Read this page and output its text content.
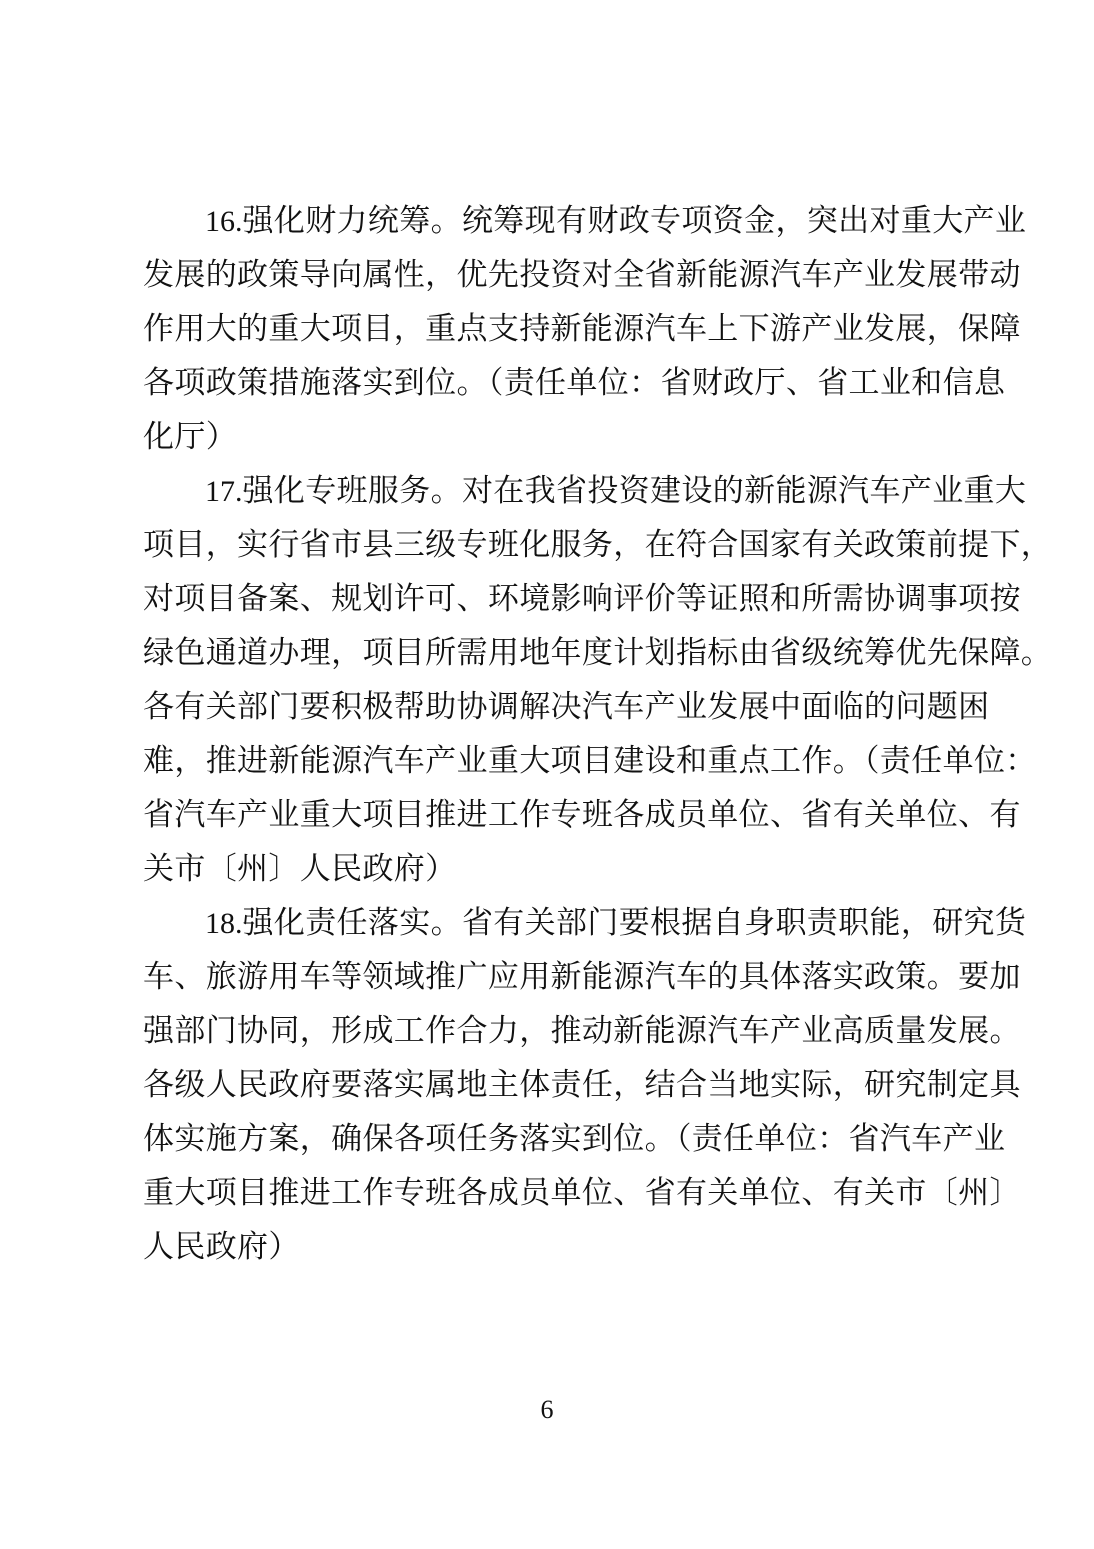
16.强化财力统筹。统筹现有财政专项资金，突出对重大产业
发展的政策导向属性，优先投资对全省新能源汽车产业发展带动
作用大的重大项目，重点支持新能源汽车上下游产业发展，保障
各项政策措施落实到位。（责任单位：省财政厅、省工业和信息
化厅）
17.强化专班服务。对在我省投资建设的新能源汽车产业重大
项目，实行省市县三级专班化服务，在符合国家有关政策前提下，
对项目备案、规划许可、环境影响评价等证照和所需协调事项按
绿色通道办理，项目所需用地年度计划指标由省级统筹优先保障。
各有关部门要积极帮助协调解决汽车产业发展中面临的问题困
难，推进新能源汽车产业重大项目建设和重点工作。（责任单位：
省汽车产业重大项目推进工作专班各成员单位、省有关单位、有
关市〔州〕人民政府）
18.强化责任落实。省有关部门要根据自身职责职能，研究货
车、旅游用车等领域推广应用新能源汽车的具体落实政策。要加
强部门协同，形成工作合力，推动新能源汽车产业高质量发展。
各级人民政府要落实属地主体责任，结合当地实际，研究制定具
体实施方案，确保各项任务落实到位。（责任单位：省汽车产业
重大项目推进工作专班各成员单位、省有关单位、有关市〔州〕
人民政府）
6
